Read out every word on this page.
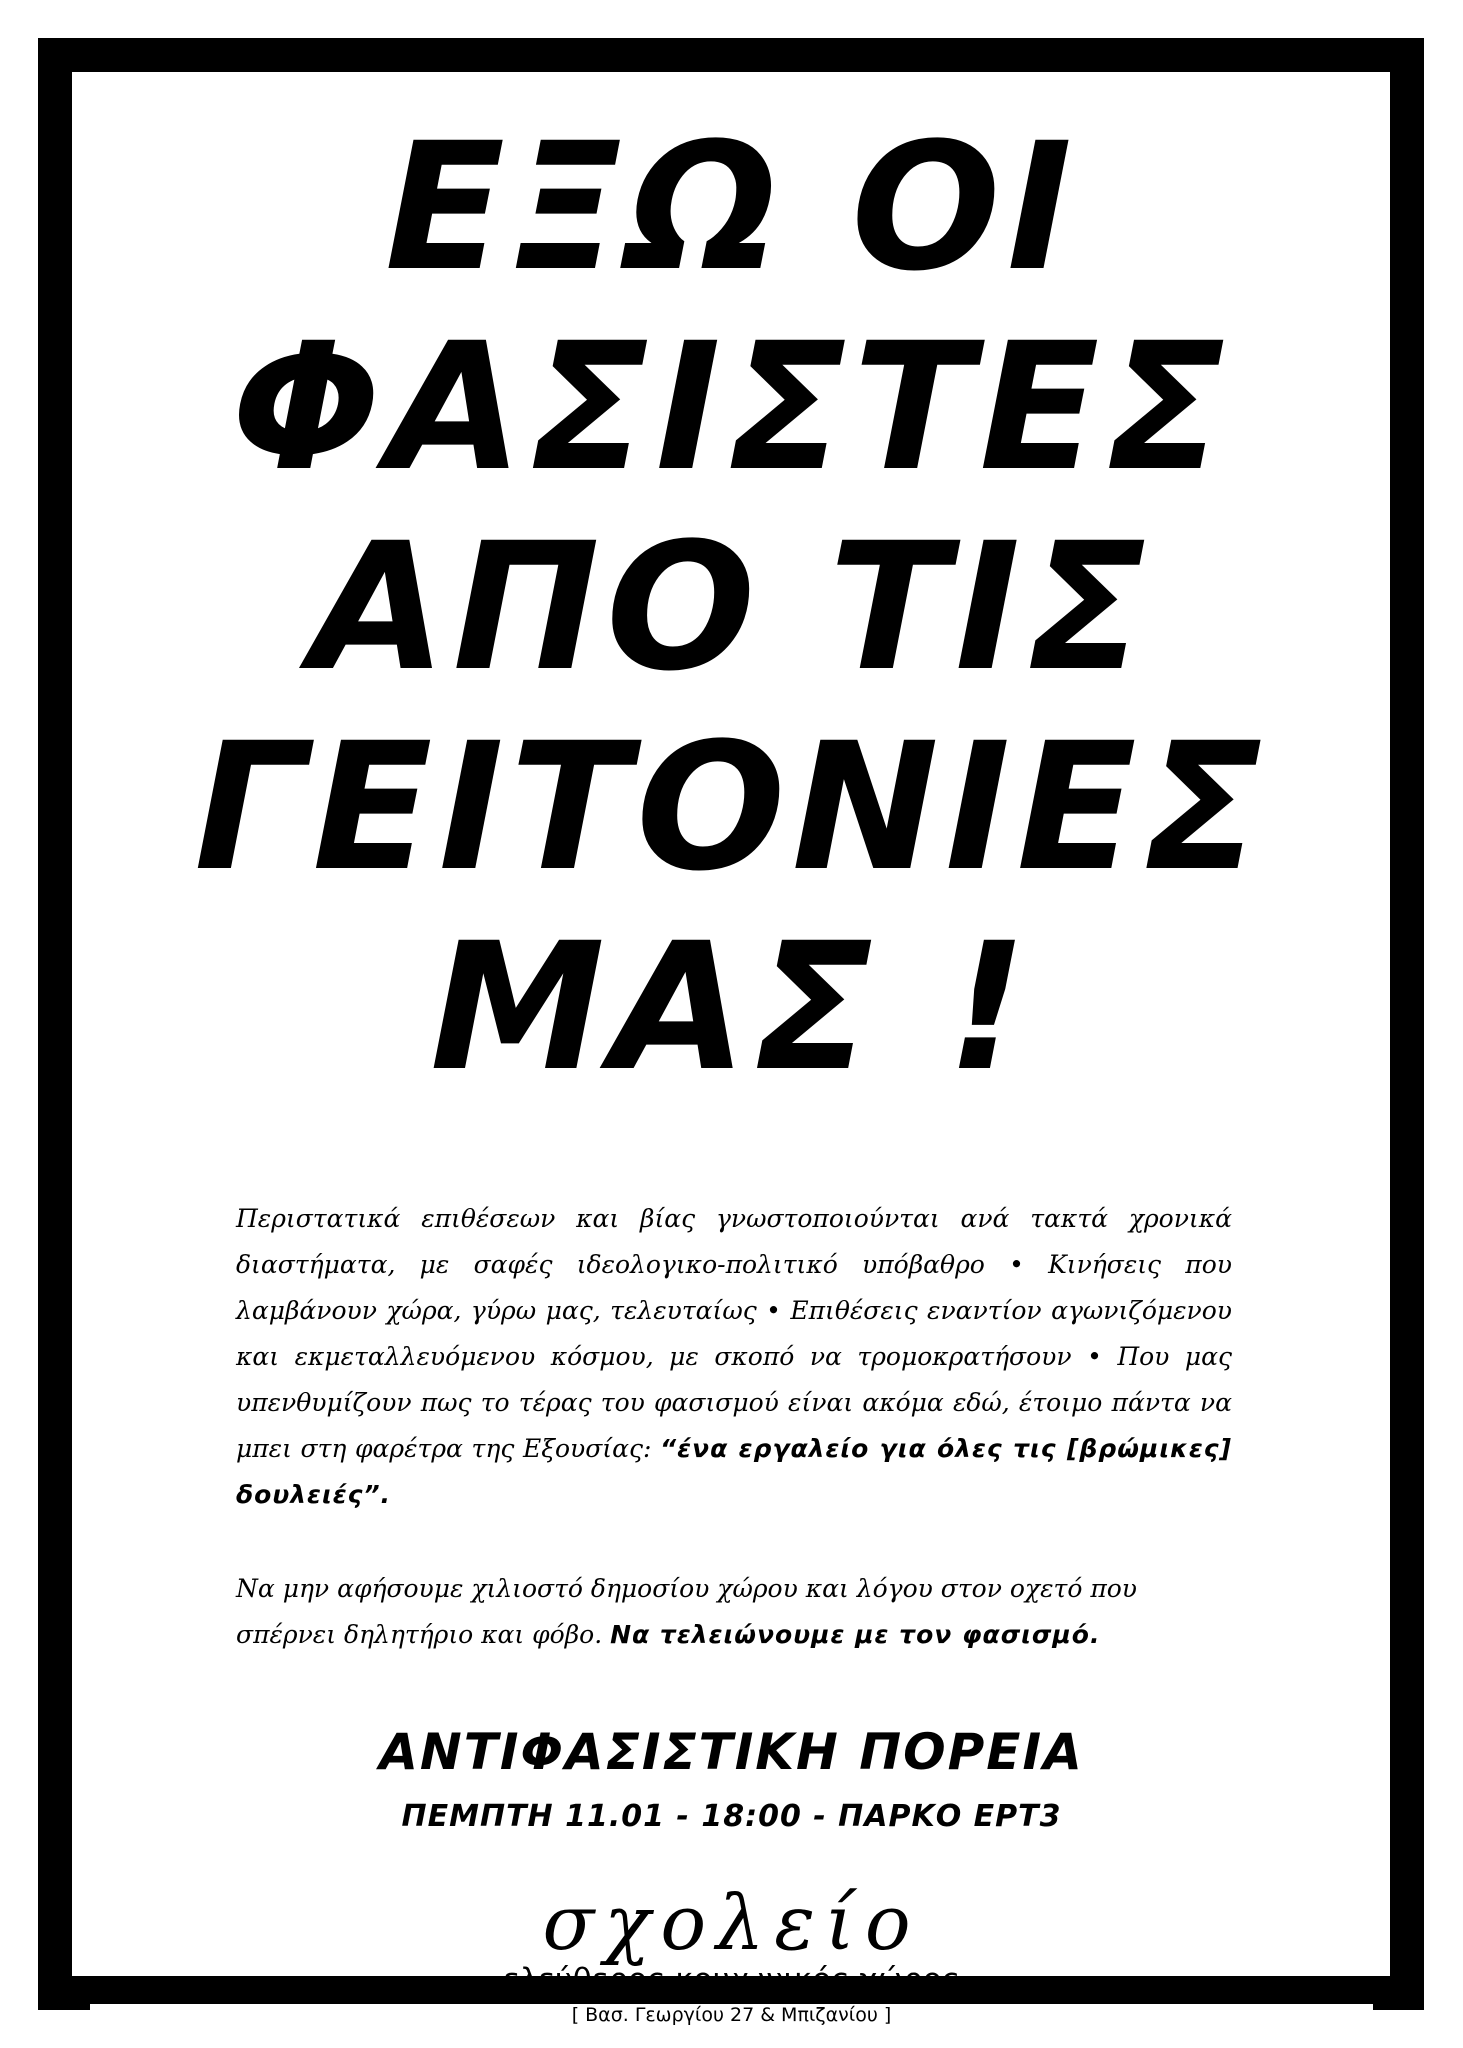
ΕΞΩ ΟΙ
ΦΑΣΙΣΤΕΣ
ΑΠΟ ΤΙΣ
ΓΕΙΤΟΝΙΕΣ
ΜΑΣ !

Περιστατικά επιθέσεων και βίας γνωστοποιούνται ανά τακτά χρονικά διαστήματα, με σαφές ιδεολογικο-πολιτικό υπόβαθρο • Κινήσεις που λαμβάνουν χώρα, γύρω μας, τελευταίως • Επιθέσεις εναντίον αγωνιζόμενου και εκμεταλλευόμενου κόσμου, με σκοπό να τρομοκρατήσουν • Που μας υπενθυμίζουν πως το τέρας του φασισμού είναι ακόμα εδώ, έτοιμο πάντα να μπει στη φαρέτρα της Εξουσίας: “ένα εργαλείο για όλες τις [βρώμικες] δουλειές”.

Να μην αφήσουμε χιλιοστό δημοσίου χώρου και λόγου στον οχετό που σπέρνει δηλητήριο και φόβο. Να τελειώνουμε με τον φασισμό.

ΑΝΤΙΦΑΣΙΣΤΙΚΗ ΠΟΡΕΙΑ
ΠΕΜΠΤΗ 11.01 - 18:00 - ΠΑΡΚΟ ΕΡΤ3
σχολείο
ελεύθερος κοινωνικός χώρος
[ Βασ. Γεωργίου 27 & Μπιζανίου ]
